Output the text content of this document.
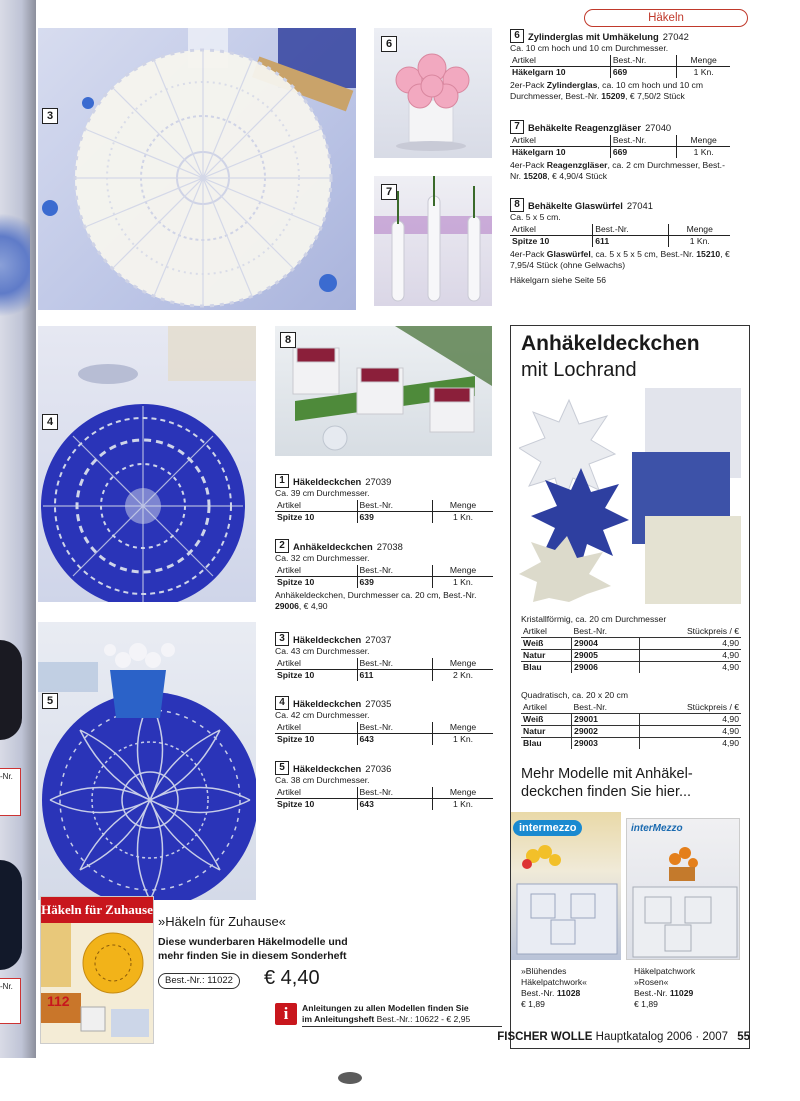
-Nr.
-Nr.
Häkeln
3
6
7
4
8
5
6 Zylinderglas mit Umhäkelung 27042
Ca. 10 cm hoch und 10 cm Durchmesser.
Artikel	Best.-Nr.	Menge
Häkelgarn 10	669	1 Kn.
2er-Pack Zylinderglas, ca. 10 cm hoch und 10 cm Durchmesser, Best.-Nr. 15209, € 7,50/2 Stück
7 Behäkelte Reagenzgläser 27040
Artikel	Best.-Nr.	Menge
Häkelgarn 10	669	1 Kn.
4er-Pack Reagenzgläser, ca. 2 cm Durchmesser, Best.-Nr. 15208, € 4,90/4 Stück
8 Behäkelte Glaswürfel 27041
Ca. 5 x 5 cm.
Artikel	Best.-Nr.	Menge
Spitze 10	611	1 Kn.
4er-Pack Glaswürfel, ca. 5 x 5 x 5 cm, Best.-Nr. 15210, € 7,95/4 Stück (ohne Gelwachs)
Häkelgarn siehe Seite 56
1 Häkeldeckchen 27039
Ca. 39 cm Durchmesser.
Artikel	Best.-Nr.	Menge
Spitze 10	639	1 Kn.
2 Anhäkeldeckchen 27038
Ca. 32 cm Durchmesser.
Artikel	Best.-Nr.	Menge
Spitze 10	639	1 Kn.
Anhäkeldeckchen, Durchmesser ca. 20 cm, Best.-Nr. 29006, € 4,90
3 Häkeldeckchen 27037
Ca. 43 cm Durchmesser.
Artikel	Best.-Nr.	Menge
Spitze 10	611	2 Kn.
4 Häkeldeckchen 27035
Ca. 42 cm Durchmesser.
Artikel	Best.-Nr.	Menge
Spitze 10	643	1 Kn.
5 Häkeldeckchen 27036
Ca. 38 cm Durchmesser.
Artikel	Best.-Nr.	Menge
Spitze 10	643	1 Kn.
Anhäkeldeckchen
mit Lochrand
Kristallförmig, ca. 20 cm Durchmesser
Artikel	Best.-Nr.	Stückpreis / €
Weiß	29004	4,90
Natur	29005	4,90
Blau	29006	4,90
Quadratisch, ca. 20 x 20 cm
Artikel	Best.-Nr.	Stückpreis / €
Weiß	29001	4,90
Natur	29002	4,90
Blau	29003	4,90
Mehr Modelle mit Anhäkel-
deckchen finden Sie hier...
intermezzo
»Blühendes
Häkelpatchwork«
Best.-Nr. 11028
€ 1,89
interMezzo
Häkelpatchwork
»Rosen«
Best.-Nr. 11029
€ 1,89
Häkeln für Zuhause
112
»Häkeln für Zuhause«
Diese wunderbaren Häkelmodelle und
mehr finden Sie in diesem Sonderheft
Best.-Nr.: 11022	€ 4,40
i	Anleitungen zu allen Modellen finden Sie
im Anleitungsheft Best.-Nr.: 10622 - € 2,95
FISCHER WOLLE Hauptkatalog 2006 · 2007 55
